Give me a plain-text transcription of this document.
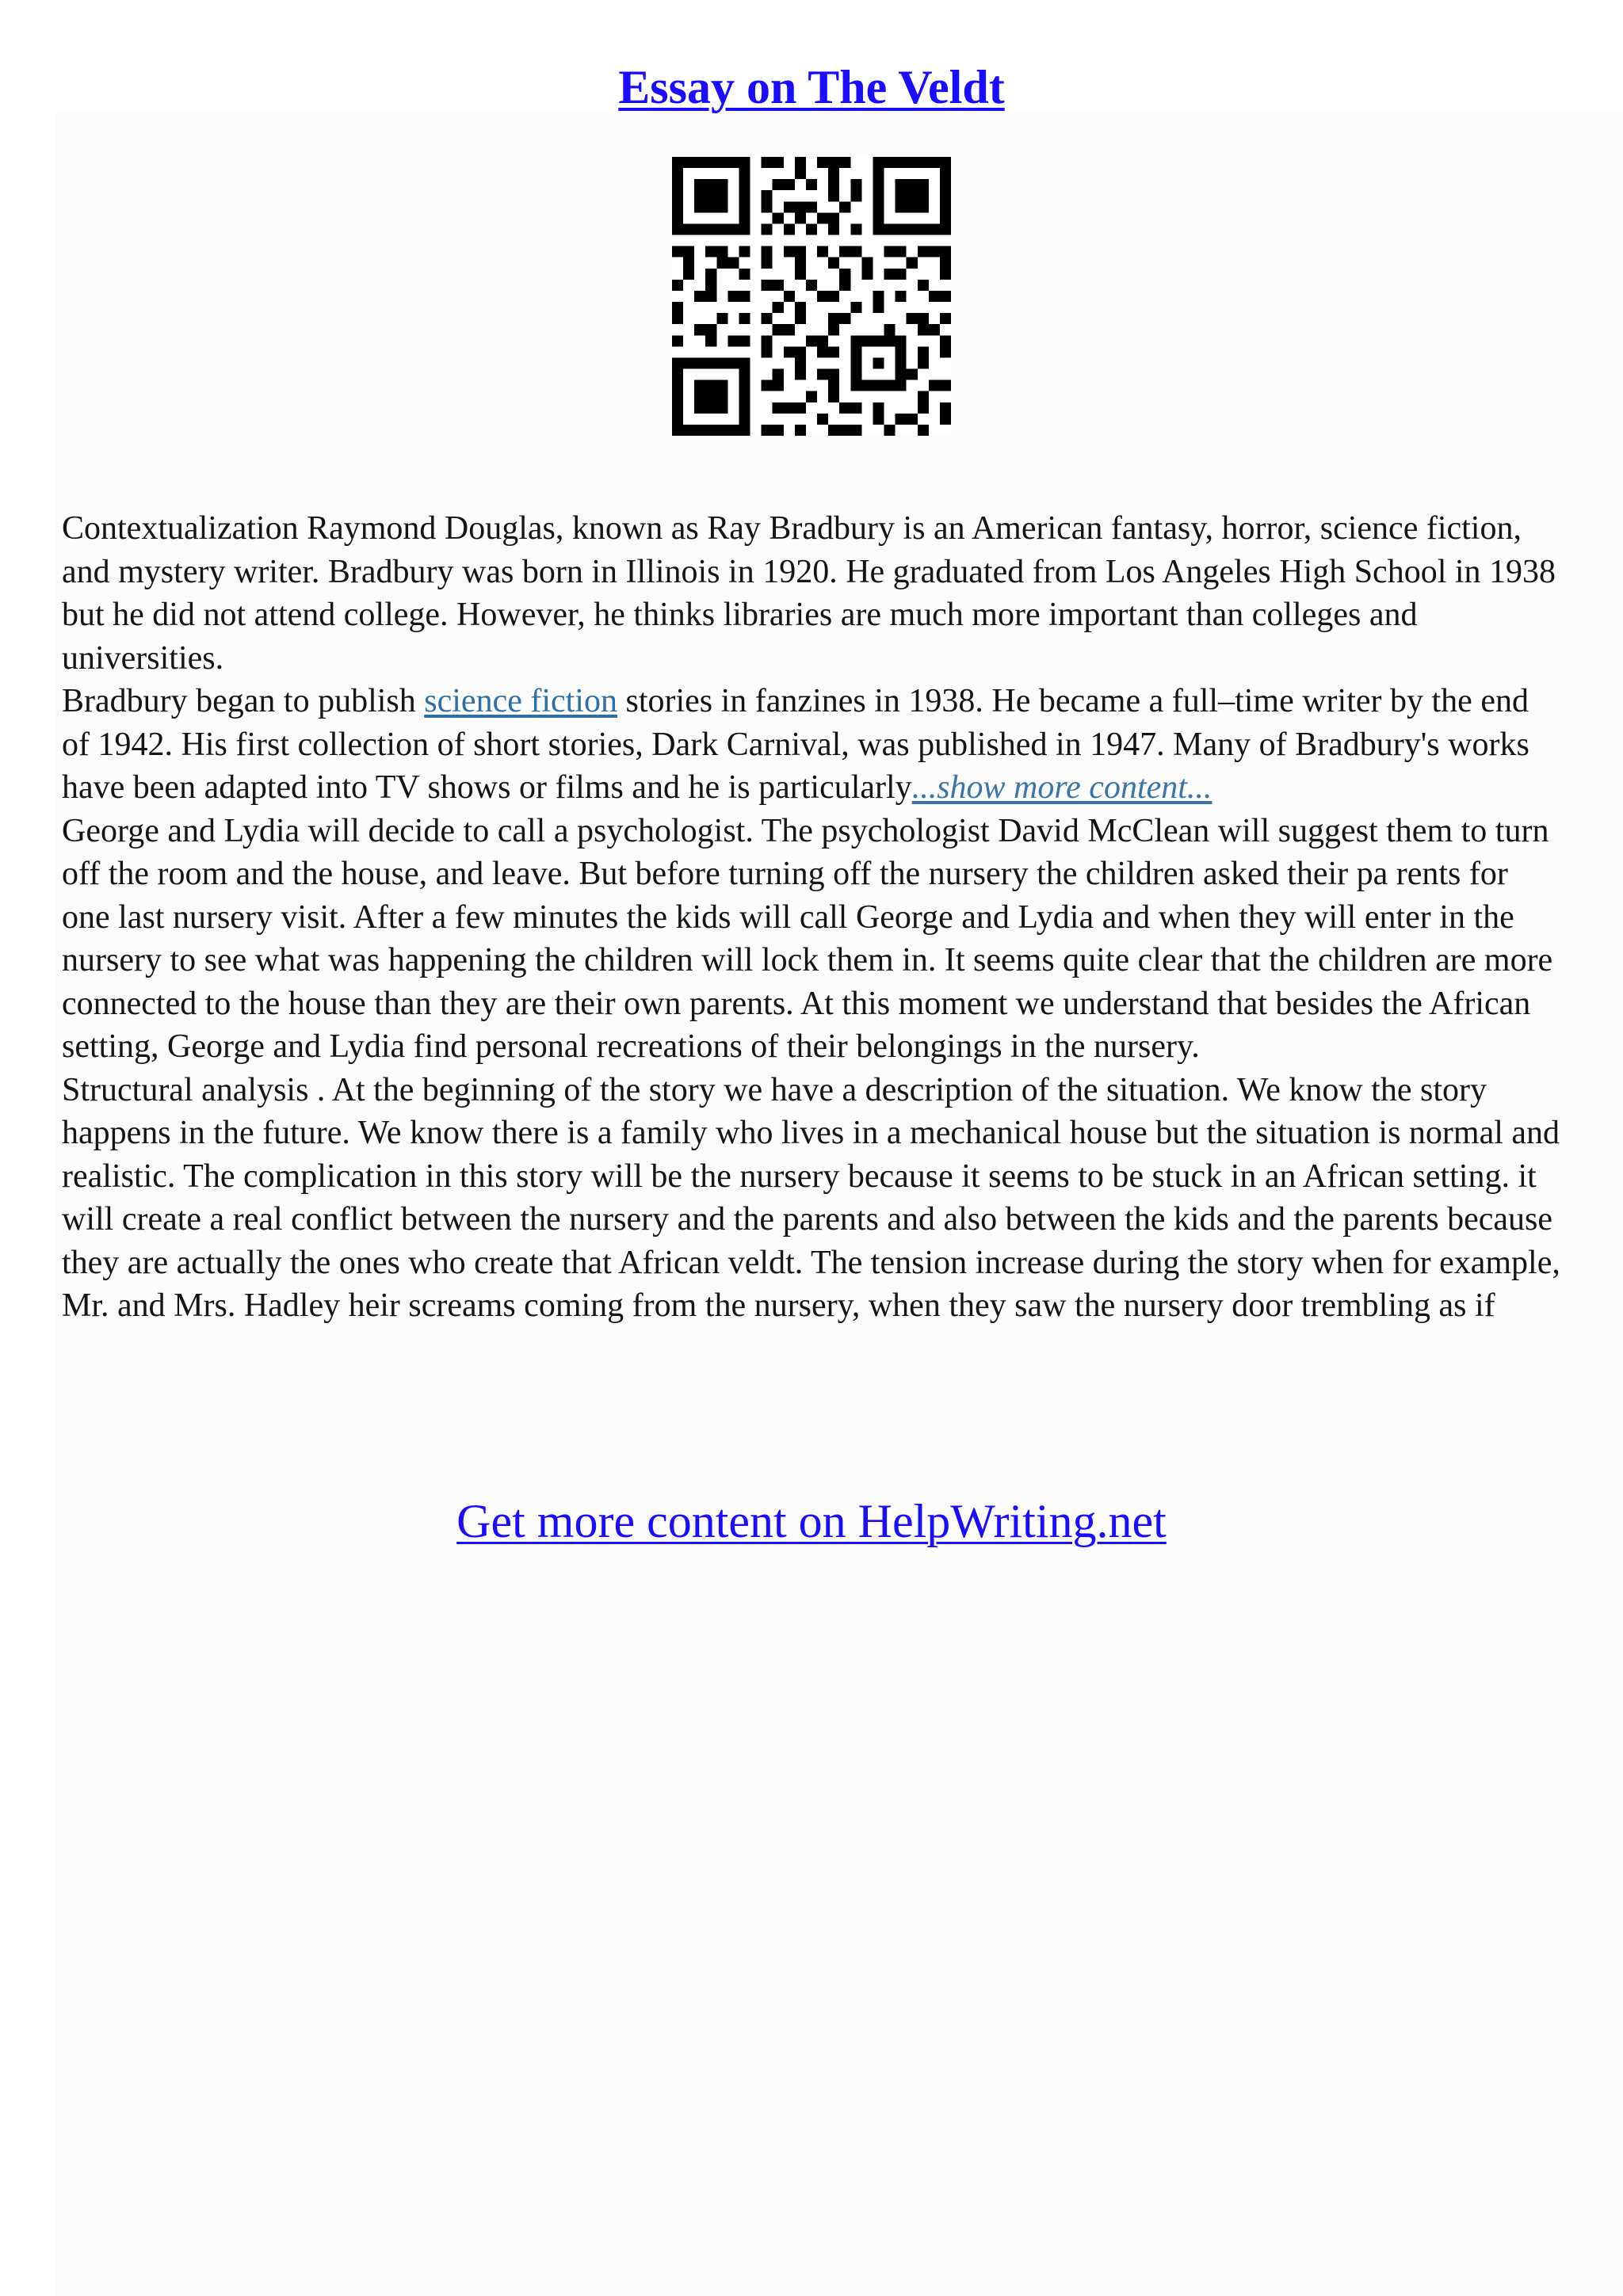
Essay on The Veldt

Contextualization Raymond Douglas, known as Ray Bradbury is an American fantasy, horror, science fiction, and mystery writer. Bradbury was born in Illinois in 1920. He graduated from Los Angeles High School in 1938 but he did not attend college. However, he thinks libraries are much more important than colleges and universities.

Bradbury began to publish science fiction stories in fanzines in 1938. He became a full–time writer by the end of 1942. His first collection of short stories, Dark Carnival, was published in 1947. Many of Bradbury's works have been adapted into TV shows or films and he is particularly...show more content...

George and Lydia will decide to call a psychologist. The psychologist David McClean will suggest them to turn off the room and the house, and leave. But before turning off the nursery the children asked their pa rents for one last nursery visit. After a few minutes the kids will call George and Lydia and when they will enter in the nursery to see what was happening the children will lock them in. It seems quite clear that the children are more connected to the house than they are their own parents. At this moment we understand that besides the African setting, George and Lydia find personal recreations of their belongings in the nursery.

Structural analysis . At the beginning of the story we have a description of the situation. We know the story happens in the future. We know there is a family who lives in a mechanical house but the situation is normal and realistic. The complication in this story will be the nursery because it seems to be stuck in an African setting. it will create a real conflict between the nursery and the parents and also between the kids and the parents because they are actually the ones who create that African veldt. The tension increase during the story when for example, Mr. and Mrs. Hadley heir screams coming from the nursery, when they saw the nursery door trembling as if

Get more content on HelpWriting.net
